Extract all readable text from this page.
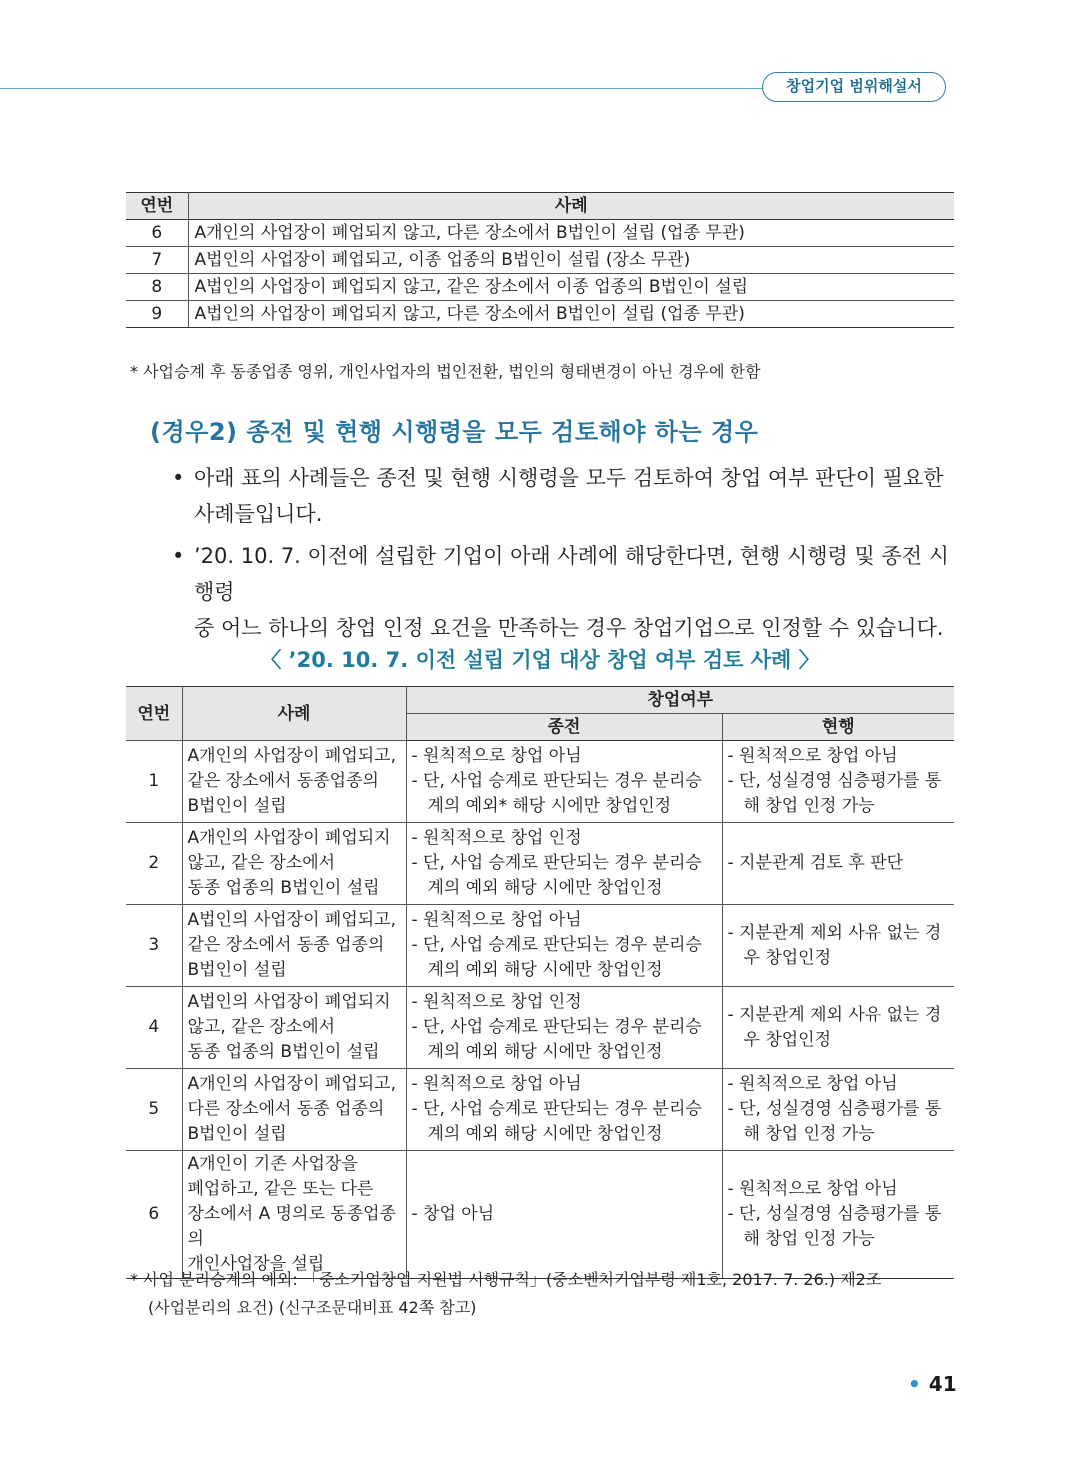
창업기업 범위해설서
연번	사례
6	A개인의 사업장이 폐업되지 않고, 다른 장소에서 B법인이 설립 (업종 무관)
7	A법인의 사업장이 폐업되고, 이종 업종의 B법인이 설립 (장소 무관)
8	A법인의 사업장이 폐업되지 않고, 같은 장소에서 이종 업종의 B법인이 설립
9	A법인의 사업장이 폐업되지 않고, 다른 장소에서 B법인이 설립 (업종 무관)
* 사업승계 후 동종업종 영위, 개인사업자의 법인전환, 법인의 형태변경이 아닌 경우에 한함
(경우2) 종전 및 현행 시행령을 모두 검토해야 하는 경우
• 아래 표의 사례들은 종전 및 현행 시행령을 모두 검토하여 창업 여부 판단이 필요한
사례들입니다.
• ’20. 10. 7. 이전에 설립한 기업이 아래 사례에 해당한다면, 현행 시행령 및 종전 시행령
중 어느 하나의 창업 인정 요건을 만족하는 경우 창업기업으로 인정할 수 있습니다.
〈 ’20. 10. 7. 이전 설립 기업 대상 창업 여부 검토 사례 〉
연번	사례	창업여부	
		종전	현행
1	A개인의 사업장이 폐업되고,
같은 장소에서 동종업종의
B법인이 설립	- 원칙적으로 창업 아님
- 단, 사업 승계로 판단되는 경우 분리승계의 예외* 해당 시에만 창업인정	- 원칙적으로 창업 아님
- 단, 성실경영 심층평가를 통해 창업 인정 가능

2	A개인의 사업장이 폐업되지
않고, 같은 장소에서
동종 업종의 B법인이 설립	- 원칙적으로 창업 인정
- 단, 사업 승계로 판단되는 경우 분리승계의 예외 해당 시에만 창업인정	- 지분관계 검토 후 판단

3	A법인의 사업장이 폐업되고,
같은 장소에서 동종 업종의
B법인이 설립	- 원칙적으로 창업 아님
- 단, 사업 승계로 판단되는 경우 분리승계의 예외 해당 시에만 창업인정	- 지분관계 제외 사유 없는 경우 창업인정

4	A법인의 사업장이 폐업되지
않고, 같은 장소에서
동종 업종의 B법인이 설립	- 원칙적으로 창업 인정
- 단, 사업 승계로 판단되는 경우 분리승계의 예외 해당 시에만 창업인정	- 지분관계 제외 사유 없는 경우 창업인정

5	A개인의 사업장이 폐업되고,
다른 장소에서 동종 업종의
B법인이 설립	- 원칙적으로 창업 아님
- 단, 사업 승계로 판단되는 경우 분리승계의 예외 해당 시에만 창업인정	- 원칙적으로 창업 아님
- 단, 성실경영 심층평가를 통해 창업 인정 가능

6	A개인이 기존 사업장을
폐업하고, 같은 또는 다른
장소에서 A 명의로 동종업종의
개인사업장을 설립	- 창업 아님	- 원칙적으로 창업 아님
- 단, 성실경영 심층평가를 통해 창업 인정 가능
* 사업 분리승계의 예외: 「중소기업창업 지원법 시행규칙」(중소벤처기업부령 제1호, 2017. 7. 26.) 제2조
(사업분리의 요건) (신구조문대비표 42쪽 참고)
• 41
